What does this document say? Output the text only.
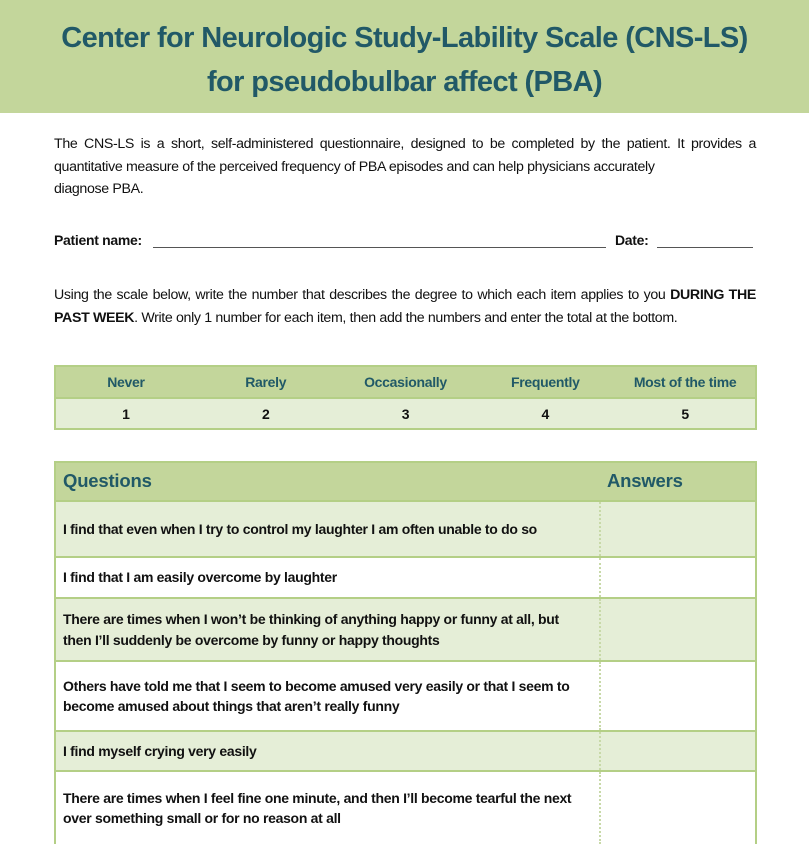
Center for Neurologic Study-Lability Scale (CNS-LS)
for pseudobulbar affect (PBA)
The CNS-LS is a short, self-administered questionnaire, designed to be completed by the patient. It provides a quantitative measure of the perceived frequency of PBA episodes and can help physicians accurately
diagnose PBA.
Patient name:	Date:
Using the scale below, write the number that describes the degree to which each item applies to you DURING THE PAST WEEK. Write only 1 number for each item, then add the numbers and enter the total at the bottom.
Never	Rarely	Occasionally	Frequently	Most of the time
1	2	3	4	5
Questions	Answers
I find that even when I try to control my laughter I am often unable to do so
I find that I am easily overcome by laughter
There are times when I won’t be thinking of anything happy or funny at all, but then I’ll suddenly be overcome by funny or happy thoughts
Others have told me that I seem to become amused very easily or that I seem to become amused about things that aren’t really funny
I find myself crying very easily
There are times when I feel fine one minute, and then I’ll become tearful the next over something small or for no reason at all
